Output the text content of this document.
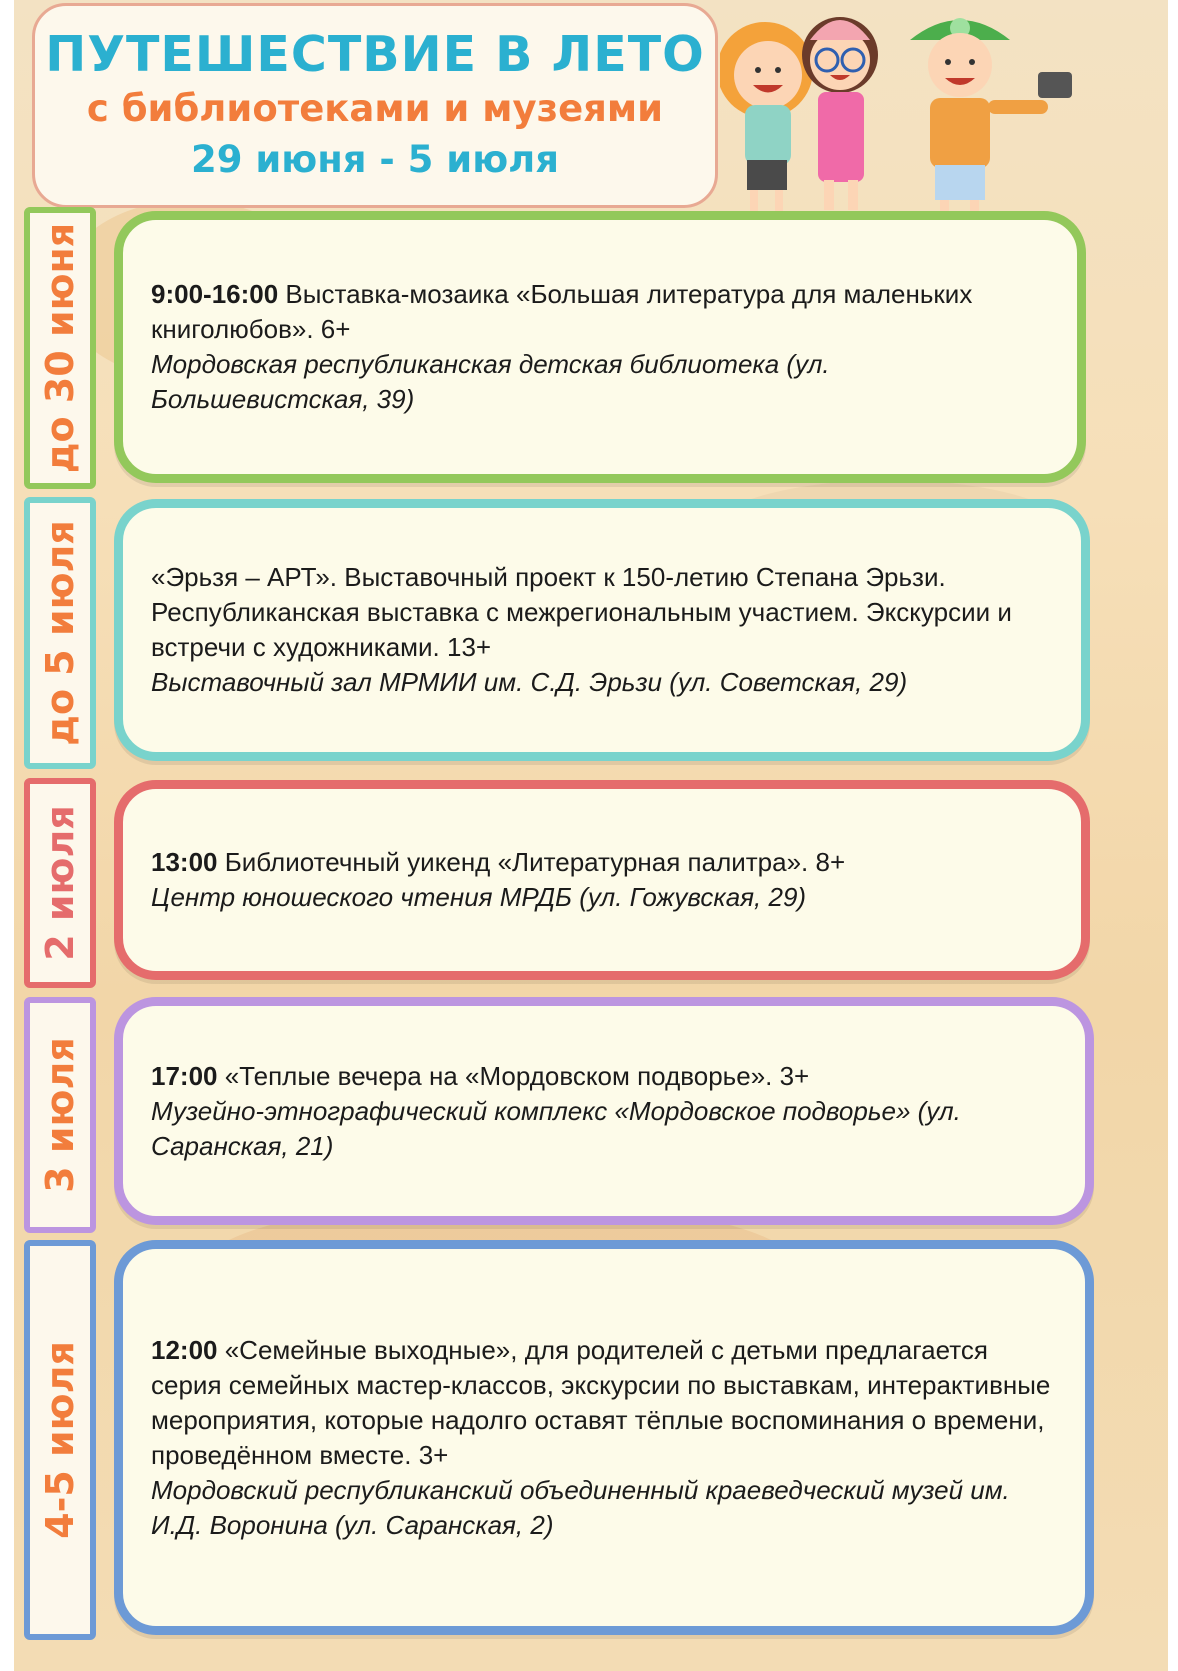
ПУТЕШЕСТВИЕ В ЛЕТО
с библиотеками и музеями
29 июня - 5 июля
до 30 июня	9:00-16:00 Выставка-мозаика «Большая литература для маленьких книголюбов». 6+

Мордовская республиканская детская библиотека (ул. Большевистская, 39)

до 5 июля	«Эрьзя – АРТ». Выставочный проект к 150-летию Степана Эрьзи. Республиканская выставка с межрегиональным участием. Экскурсии и встречи с художниками. 13+

Выставочный зал МРМИИ им. С.Д. Эрьзи (ул. Советская, 29)

2 июля	13:00 Библиотечный уикенд «Литературная палитра». 8+

Центр юношеского чтения МРДБ (ул. Гожувская, 29)

3 июля	17:00 «Теплые вечера на «Мордовском подворье». 3+

Музейно-этнографический комплекс «Мордовское подворье» (ул. Саранская, 21)

4-5 июля	12:00 «Семейные выходные», для родителей с детьми предлагается серия семейных мастер-классов, экскурсии по выставкам, интерактивные мероприятия, которые надолго оставят тёплые воспоминания о времени, проведённом вместе. 3+

Мордовский республиканский объединенный краеведческий музей им. И.Д. Воронина (ул. Саранская, 2)
